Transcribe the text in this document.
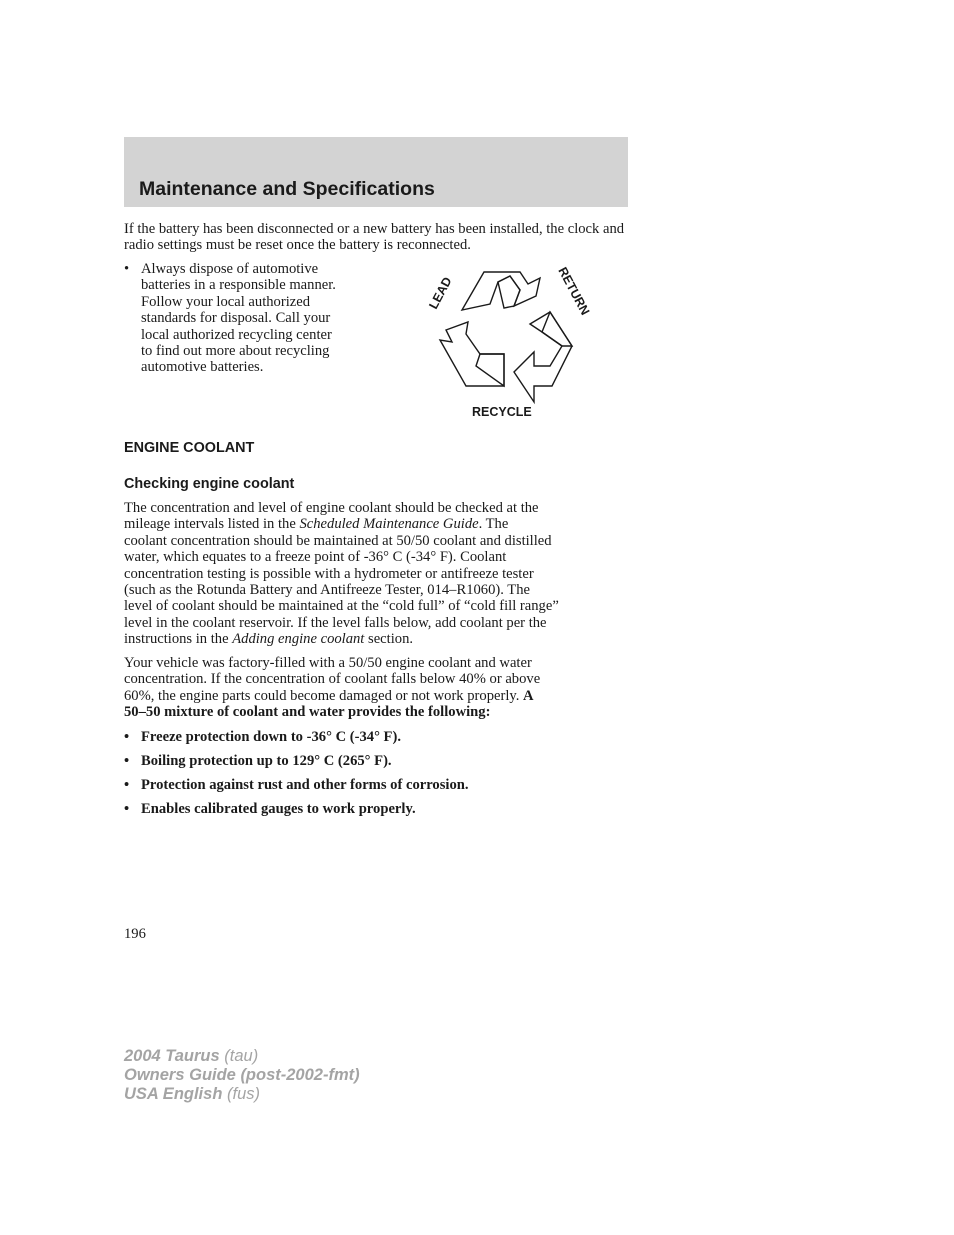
Maintenance and Specifications

If the battery has been disconnected or a new battery has been installed, the clock and radio settings must be reset once the battery is reconnected.

• Always dispose of automotive
batteries in a responsible manner.
Follow your local authorized
standards for disposal. Call your
local authorized recycling center
to find out more about recycling
automotive batteries.
LEAD	RETURN
RECYCLE
ENGINE COOLANT
Checking engine coolant

The concentration and level of engine coolant should be checked at the
mileage intervals listed in the Scheduled Maintenance Guide. The
coolant concentration should be maintained at 50/50 coolant and distilled
water, which equates to a freeze point of -36° C (-34° F). Coolant
concentration testing is possible with a hydrometer or antifreeze tester
(such as the Rotunda Battery and Antifreeze Tester, 014–R1060). The
level of coolant should be maintained at the “cold full” of “cold fill range”
level in the coolant reservoir. If the level falls below, add coolant per the
instructions in the Adding engine coolant section.

Your vehicle was factory-filled with a 50/50 engine coolant and water
concentration. If the concentration of coolant falls below 40% or above
60%, the engine parts could become damaged or not work properly. A
50–50 mixture of coolant and water provides the following:

• Freeze protection down to -36° C (-34° F).
• Boiling protection up to 129° C (265° F).
• Protection against rust and other forms of corrosion.
• Enables calibrated gauges to work properly.

196

2004 Taurus (tau)
Owners Guide (post-2002-fmt)
USA English (fus)
